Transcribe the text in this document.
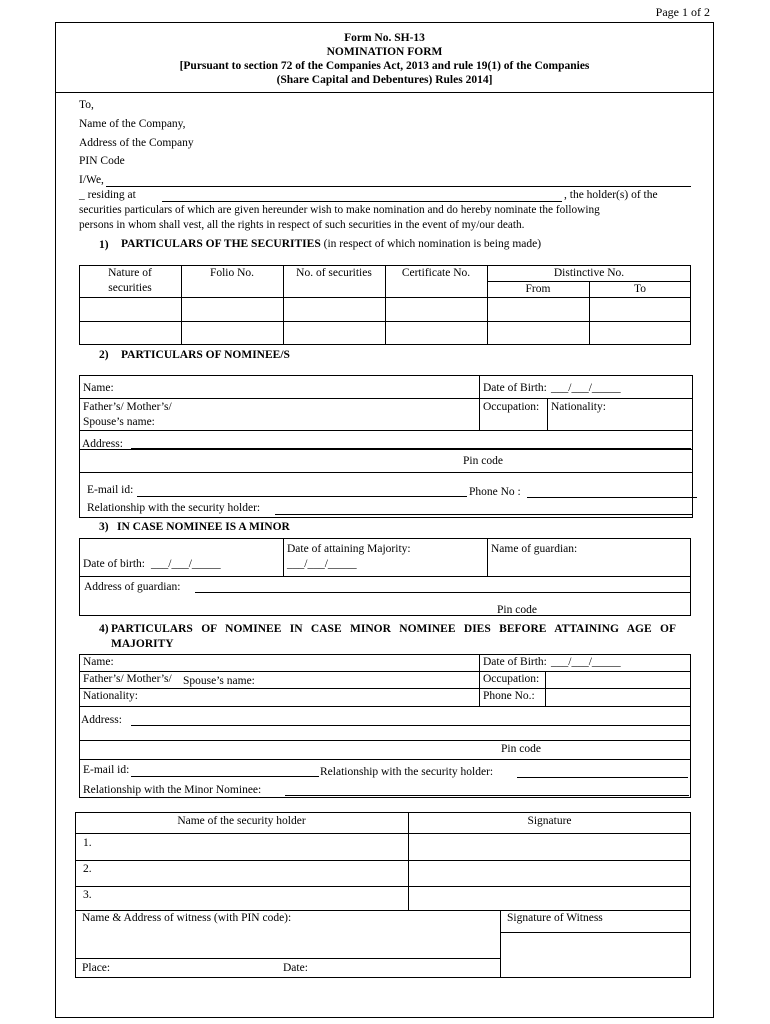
Page 1 of 2
Form No. SH-13
NOMINATION FORM
[Pursuant to section 72 of the Companies Act, 2013 and rule 19(1) of the Companies
(Share Capital and Debentures) Rules 2014]
To,
Name of the Company,
Address of the Company
PIN Code
I/We,
_ residing at	, the holder(s) of the
securities particulars of which are given hereunder wish to make nomination and do hereby nominate the following
persons in whom shall vest, all the rights in respect of such securities in the event of my/our death.
1) PARTICULARS OF THE SECURITIES (in respect of which nomination is being made)
Nature of
securities
Folio No.	No. of securities	Certificate No.	Distinctive No.
From	To
2) PARTICULARS OF NOMINEE/S
Name:	Date of Birth: ___/___/_____
Father’s/ Mother’s/
Spouse’s name:
Occupation: Nationality:
Address:
Pin code
E-mail id:	Phone No :
Relationship with the security holder:
3) IN CASE NOMINEE IS A MINOR
Date of birth: ___/___/_____
Date of attaining Majority:
___/___/_____
Name of guardian:
Address of guardian:
Pin code
4) PARTICULARS OF NOMINEE IN CASE MINOR NOMINEE DIES BEFORE ATTAINING AGE OF
MAJORITY
Name:	Date of Birth: ___/___/_____
Father’s/ Mother’s/ Spouse’s name:	Occupation:
Nationality:	Phone No.:
Address:
Pin code
E-mail id:	Relationship with the security holder:
Relationship with the Minor Nominee:
Name of the security holder	Signature
1.
2.
3.
Name & Address of witness (with PIN code):	Signature of Witness
Place:	Date:
